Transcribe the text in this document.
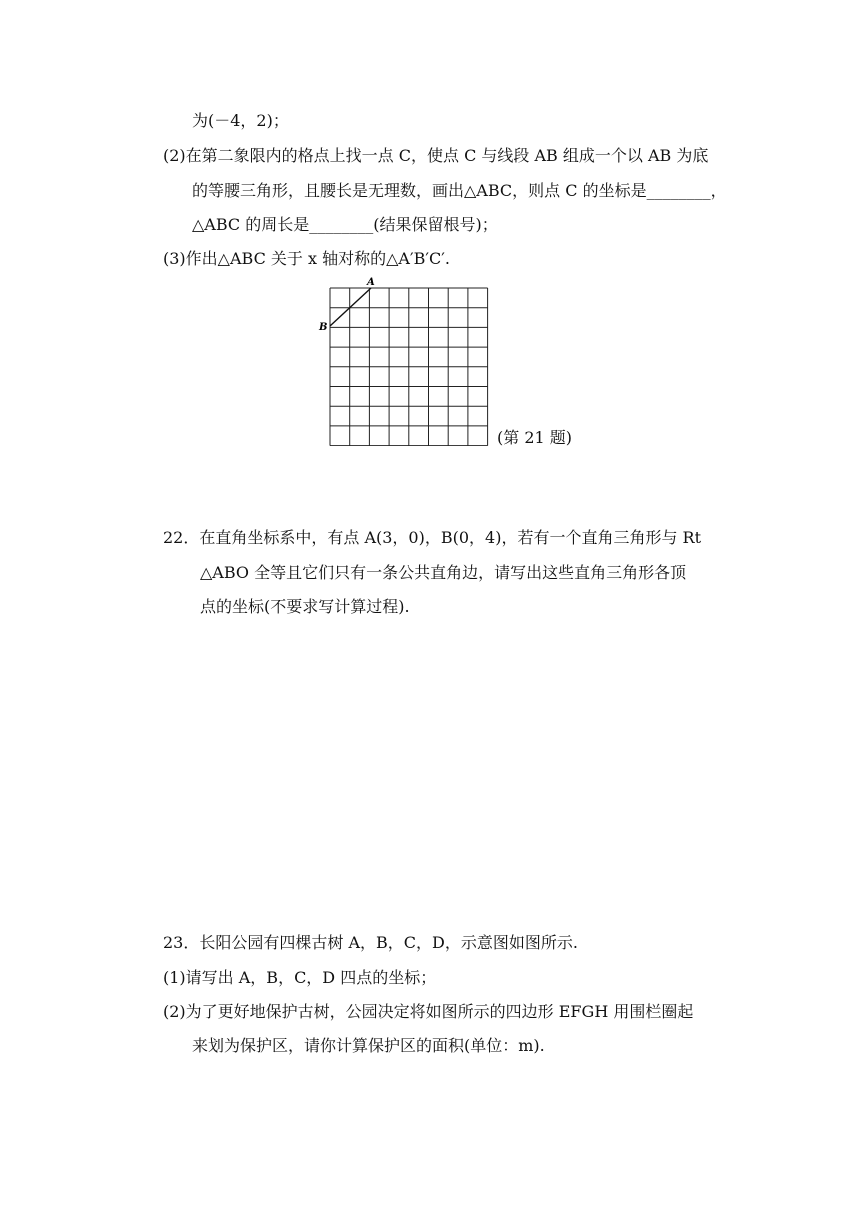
为(－4，2)；
(2)在第二象限内的格点上找一点 C，使点 C 与线段 AB 组成一个以 AB 为底
的等腰三角形，且腰长是无理数，画出△ABC，则点 C 的坐标是________，
△ABC 的周长是________(结果保留根号)；
(3)作出△ABC 关于 x 轴对称的△A′B′C′.
A
B
(第 21 题)
22．在直角坐标系中，有点 A(3，0)，B(0，4)，若有一个直角三角形与 Rt
△ABO 全等且它们只有一条公共直角边，请写出这些直角三角形各顶
点的坐标(不要求写计算过程).
23．长阳公园有四棵古树 A，B，C，D，示意图如图所示.
(1)请写出 A，B，C，D 四点的坐标；
(2)为了更好地保护古树，公园决定将如图所示的四边形 EFGH 用围栏圈起
来划为保护区，请你计算保护区的面积(单位：m).
